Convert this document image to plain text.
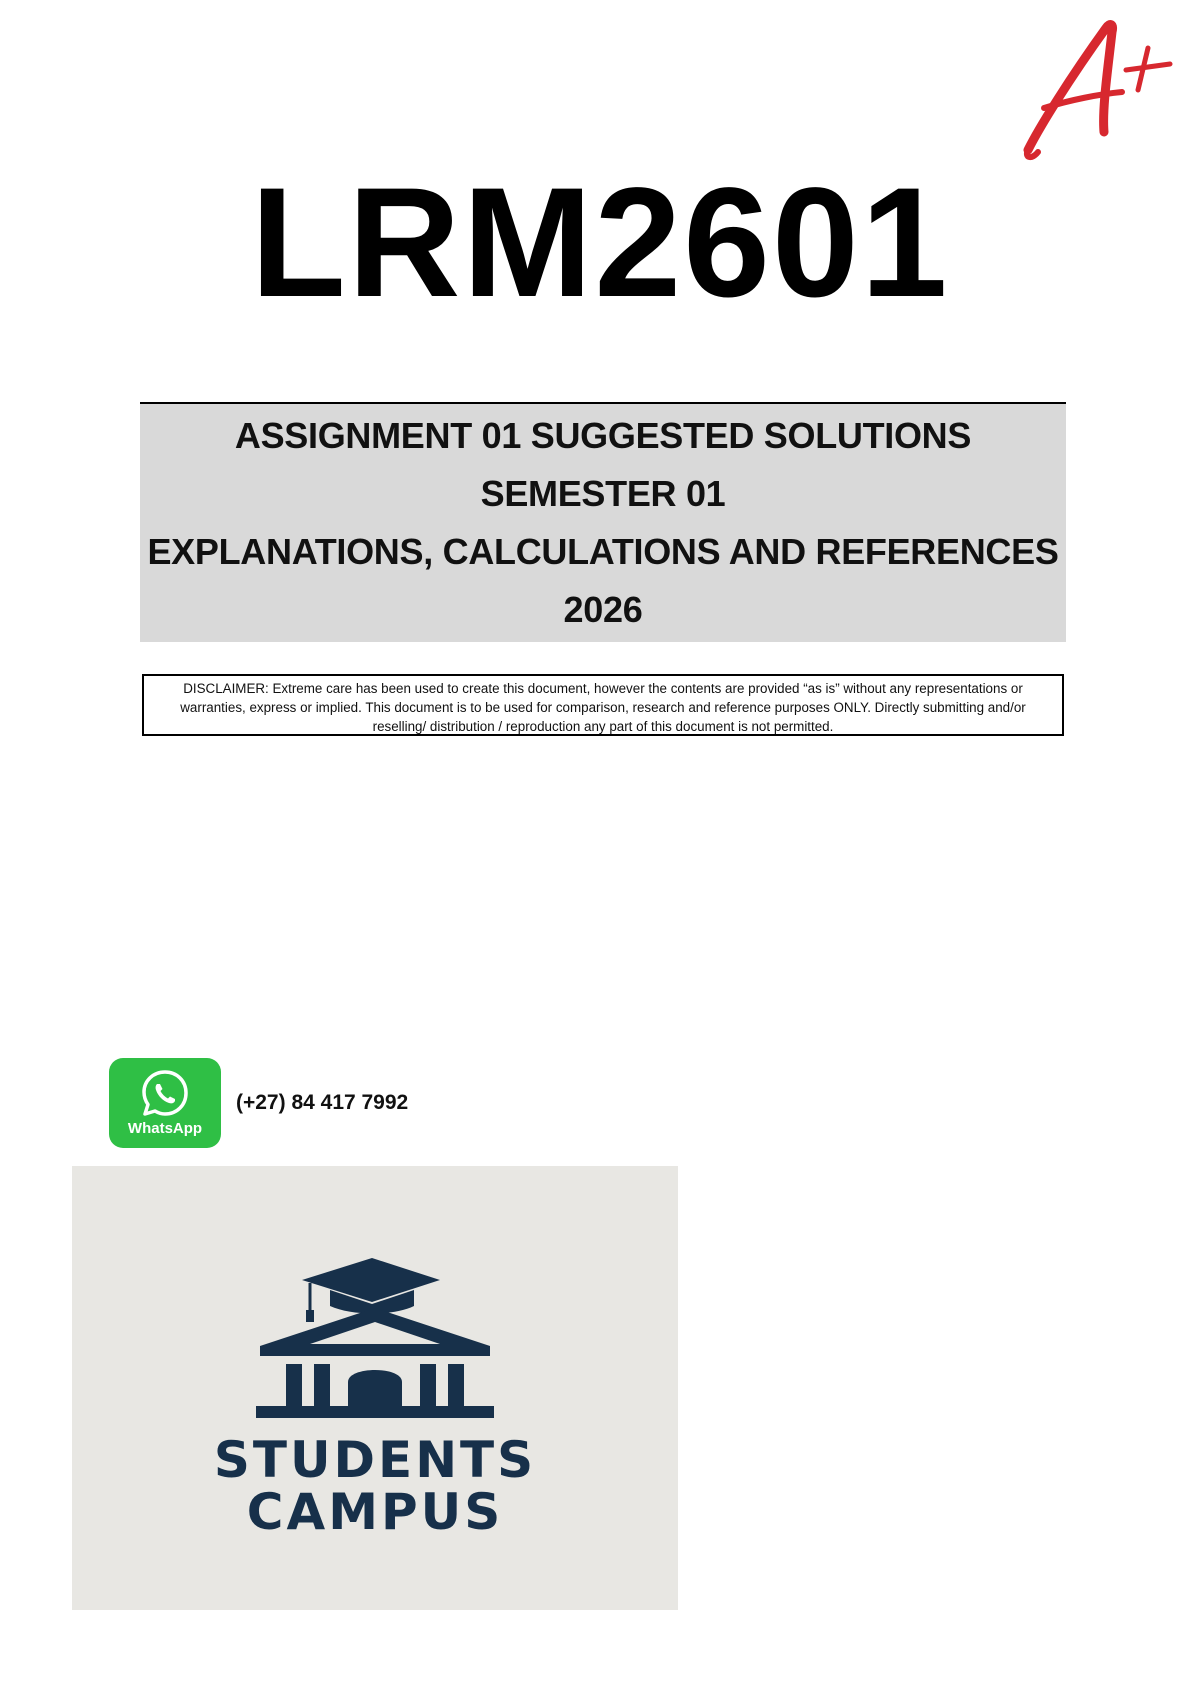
LRM2601
ASSIGNMENT 01 SUGGESTED SOLUTIONS
SEMESTER 01
EXPLANATIONS, CALCULATIONS AND REFERENCES
2026
DISCLAIMER: Extreme care has been used to create this document, however the contents are provided “as is” without any representations or warranties, express or implied. This document is to be used for comparison, research and reference purposes ONLY. Directly submitting and/or reselling/ distribution / reproduction any part of this document is not permitted.
WhatsApp
(+27) 84 417 7992
STUDENTS
CAMPUS
